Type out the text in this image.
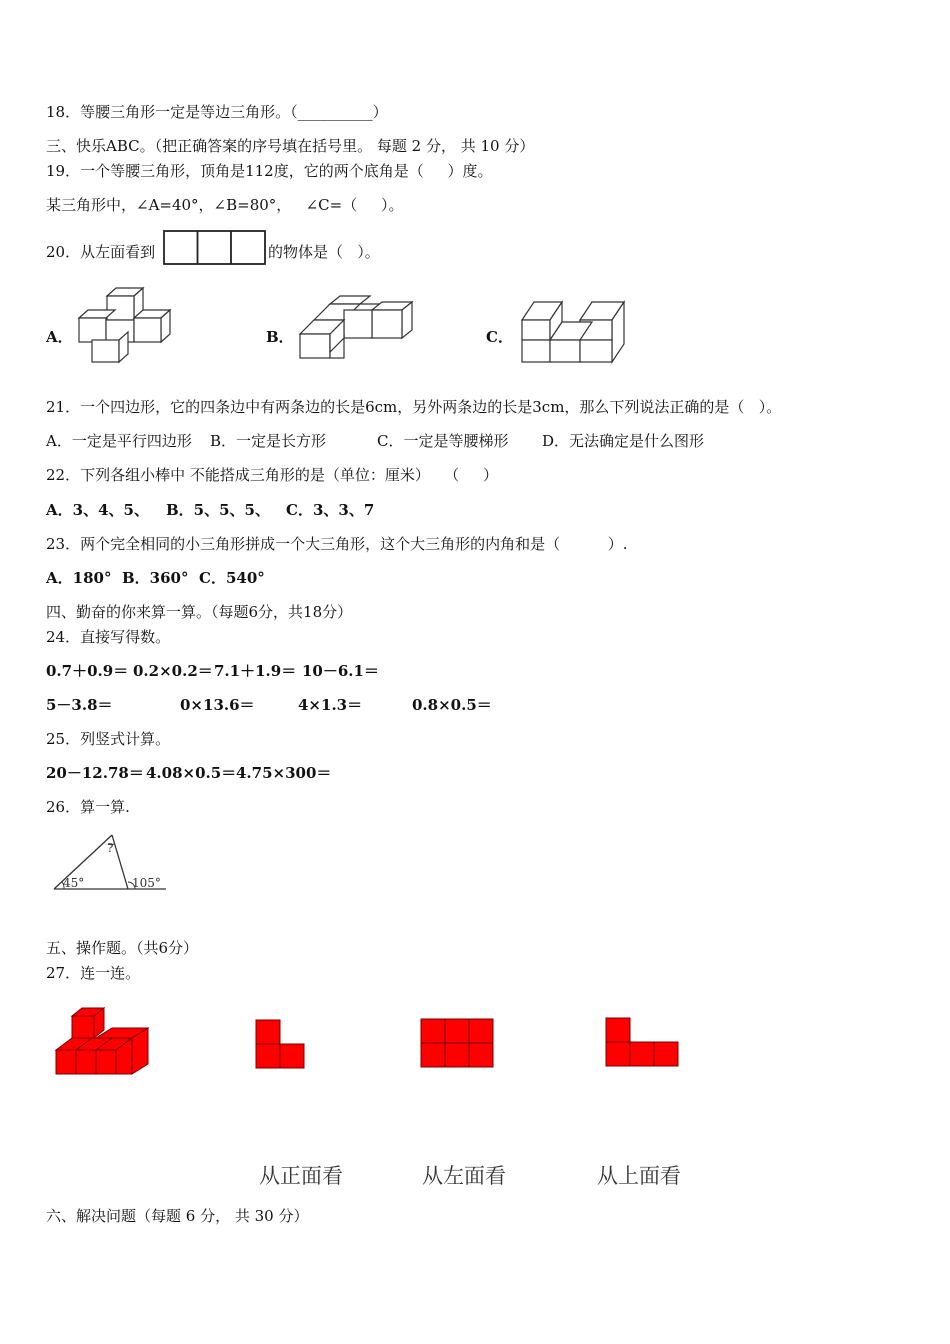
18．等腰三角形一定是等边三角形。（__________）
三、快乐ABC。（把正确答案的序号填在括号里。 每题 2 分， 共 10 分）
19．一个等腰三角形，顶角是112度，它的两个底角是（     ）度。
某三角形中，∠A=40°，∠B=80°，   ∠C=（     ）。
20．从左面看到	的物体是（   ）。
A．	B．	C．
21．一个四边形，它的四条边中有两条边的长是6cm，另外两条边的长是3cm，那么下列说法正确的是（   ）。
A．一定是平行四边形 B．一定是长方形	C．一定是等腰梯形 D．无法确定是什么图形
22．下列各组小棒中 不能搭成三角形的是（单位：厘米）   （     ）
A．3、4、5、 B．5、5、5、 C．3、3、7
23．两个完全相同的小三角形拼成一个大三角形，这个大三角形的内角和是（          ）.
A．180° B．360° C．540°
四、勤奋的你来算一算。（每题6分，共18分）
24．直接写得数。
0.7＋0.9＝ 0.2×0.2＝ 7.1＋1.9＝ 10－6.1＝
5－3.8＝	0×13.6＝	4×1.3＝	0.8×0.5＝
25．列竖式计算。
20－12.78＝ 4.08×0.5＝ 4.75×300＝
26．算一算.
45°
?
105°
五、操作题。（共6分）
27．连一连。
从正面看	从左面看	从上面看
六、解决问题（每题 6 分， 共 30 分）
